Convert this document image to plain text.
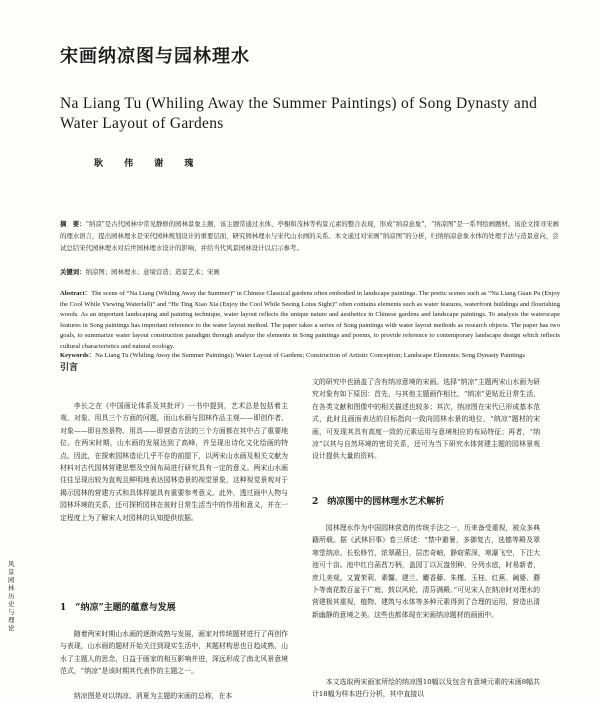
宋画纳凉图与园林理水
Na Liang Tu (Whiling Away the Summer Paintings) of Song Dynasty and Water Layout of Gardens
耿 伟 谢 瑰
摘　要：“纳凉”是古代园林中常见静修的园林景象主题，该主题常通过水体、亭榭和茂林等构景元素的整合表现，形成“纳凉意象”，“纳凉图”是一系列绘画题材。该论文探寻宋画的理水语言，提出园林理水是宋代园林规划设计的重要层面，研究园林理水与宋代山水画的关系。本文通过对宋画“纳凉图”的分析，归纳纳凉意象水体的处理手法与造景意向，尝试总结宋代园林理水对后世园林理水设计的影响，并给当代风景园林设计以启示参考。
关键词：纳凉图；园林理水；意境营造；造景艺术；宋画
Abstract：The scene of “Na Liang (Whiling Away the Summer)” in Chinese Classical gardens often embodied in landscape paintings. The poetic scenes such as “Na Liang Guan Pu (Enjoy the Cool While Viewing Waterfall)” and “He Ting Xiao Xia (Enjoy the Cool While Seeing Lotus Sight)” often contains elements such as water features, waterfront buildings and flourishing woods. As an important landscaping and painting technique, water layout reflects the unique nature and aesthetics in Chinese gardens and landscape paintings. To analysis the waterscape features in Song paintings has important reference to the water layout method. The paper takes a series of Song paintings with water layout methods as research objects. The paper has two goals, to summarize water layout construction paradigm through analyze the elements in Song paintings and poems, to provide reference to contemporary landscape design which reflects cultural characteristics and natural ecology.
Keywords：Na Liang Tu (Whiling Away the Summer Paintings); Water Layout of Gardens; Construction of Artistic Conception; Landscape Elements; Song Dynasty Paintings

引言

李长之在《中国画论体系及其批评》一书中提到，艺术总是包括着主观、对象、用具三个方面的问题，而山水画与园林作品主观——即创作者、对象——即自然景物、用具——即营造方法的三个方面都在其中占了重要地位。在两宋时期，山水画的发展达到了高峰，并呈现出诗化文化绘画的特点。因此，在探索园林造论几乎不存的前提下，以两宋山水画及相关文献为材料对古代园林营建思想及空间布局进行研究具有一定的意义。两宋山水画往往呈现出较为直观且鲜明地表达园林造景的视觉景象，这种视觉景观对于揭示园林的营建方式和具体样貌具有重要参考意义。此外，透过画中人物与园林环境的关系，还可探析园林在彼时日常生活当中的作用和意义，并在一定程度上为了解宋人对园林的认知提供依据。

1　“纳凉”主题的蕴意与发展

随着两宋时期山水画的逐渐成熟与发展，画家对传统题材进行了再创作与表现，山水画的题材开始关注到现实生活中，其题材构思也日趋成熟，山水了主题人的思念，日益于画家的相互影响并进，深远形成了南北风景意境范式，“纳凉”是该时期其代表作的主题之一。

纳凉图是对以纳凉、消夏为主题的宋画的总称，在本

文的研究中也涵盖了含有纳凉意境的宋画。选择“纳凉”主题两宋山水画为研究对象有如下原因：首先，与其他主题画作相比，“纳凉”更贴近日常生活，在各类文献和图像中的相关描述也较多；其次，纳凉图在宋代已形成基本范式，此时且画面表达的目标指向一致向园林水景的地位，“纳凉”题材的宋画，可发现其具有高度一致的元素运用与意境相应的布局特征；再者，“纳凉”以其与自然环境的密切关系，还可为当下研究水体营建主题的园林景观设计提供大量的资料。

2　纳凉图中的园林理水艺术解析

园林理水作为中国园林营造的传统手法之一，历来备受重视，被众多典籍所载。据《武林旧事》卷三所述：“禁中避暑，多御复古，选德等殿及翠寒堂纳凉。长松修竹，浓翠蔽日，层峦奇岫，静窈萦深，寒瀑飞空，下注大池可十亩。池中红白菡萏万柄，盖园丁以瓦盎别种，分列水底，时易新者，庶几美观。又置茉莉、素馨、建兰、麝香藤、朱槿、玉桂、红蕉、阇婆、蘑卜等南花数百盆于广庭，鼓以风轮，清芬满殿。”可见宋人在纳凉时对理水的营建极其重视，植物、建筑与水体等多种元素得到了合理的运用，营造出清新幽静的意境之美。这些也都体现在宋画纳凉题材的画面中。

本文选取两宋画家所绘的纳凉图10幅以及包含有意境元素的宋画8幅共计18幅为样本进行分析，其中直接以

风景园林历史与理论
